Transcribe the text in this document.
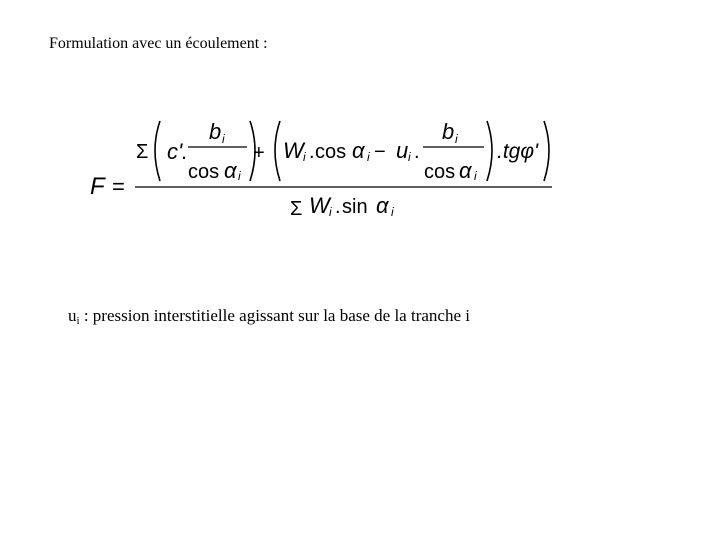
Formulation avec un écoulement :
F =
Σ c'
.
b i
cos α i
+ W i . cos α i − u i .
b i
cos α i
.tgφ'
Σ W i . sin α i
$u_i$ : pression interstitielle agissant sur la base de la tranche i
